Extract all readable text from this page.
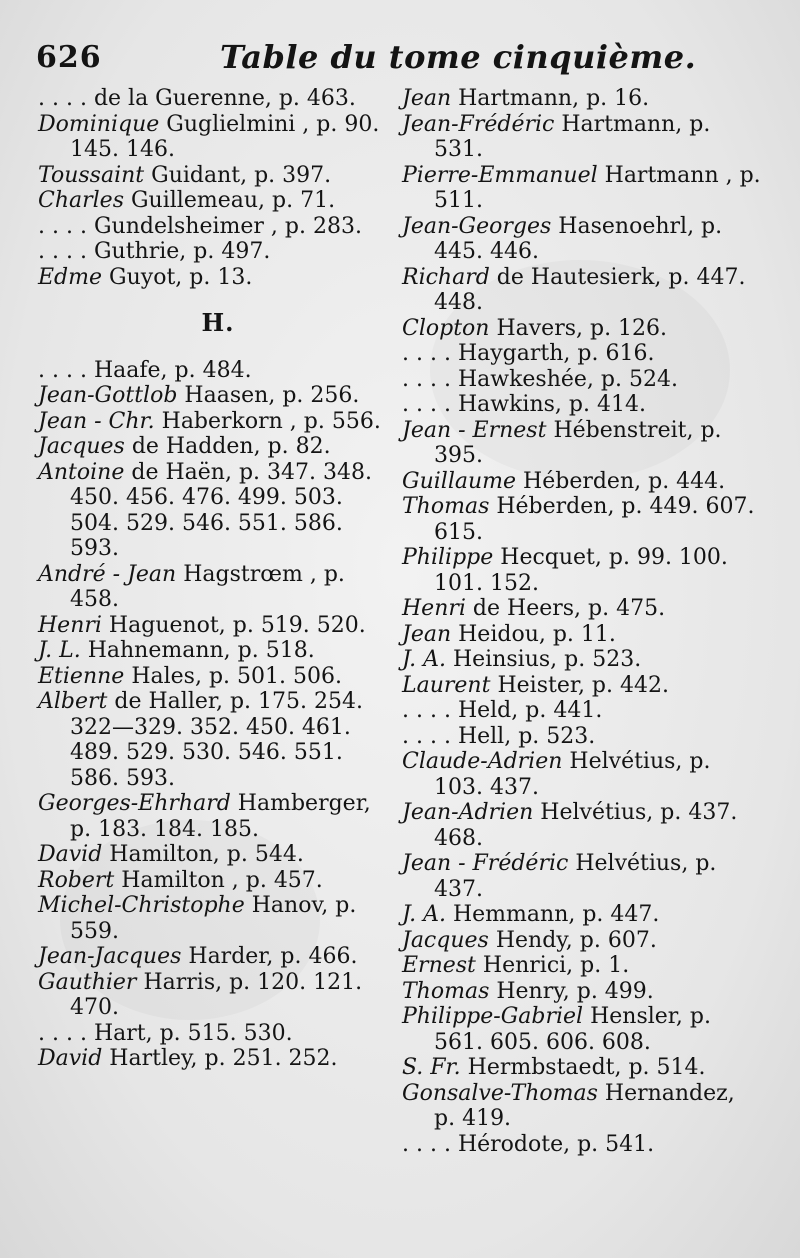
626	Table du tome cinquième.

. . . . de la Guerenne, p. 463.

Dominique Guglielmini , p. 90. 145. 146.

Toussaint Guidant, p. 397.

Charles Guillemeau, p. 71.

. . . . Gundelsheimer , p. 283.

. . . . Guthrie, p. 497.

Edme Guyot, p. 13.

H.

. . . . Haafe, p. 484.

Jean-Gottlob Haasen, p. 256.

Jean - Chr. Haberkorn , p. 556.

Jacques de Hadden, p. 82.

Antoine de Haën, p. 347. 348. 450. 456. 476. 499. 503. 504. 529. 546. 551. 586. 593.

André - Jean Hagstrœm , p. 458.

Henri Haguenot, p. 519. 520.

J. L. Hahnemann, p. 518.

Etienne Hales, p. 501. 506.

Albert de Haller, p. 175. 254. 322—329. 352. 450. 461. 489. 529. 530. 546. 551. 586. 593.

Georges-Ehrhard Hamberger, p. 183. 184. 185.

David Hamilton, p. 544.

Robert Hamilton , p. 457.

Michel-Christophe Hanov, p. 559.

Jean-Jacques Harder, p. 466.

Gauthier Harris, p. 120. 121. 470.

. . . . Hart, p. 515. 530.

David Hartley, p. 251. 252.

Jean Hartmann, p. 16.

Jean-Frédéric Hartmann, p. 531.

Pierre-Emmanuel Hartmann , p. 511.

Jean-Georges Hasenoehrl, p. 445. 446.

Richard de Hautesierk, p. 447. 448.

Clopton Havers, p. 126.

. . . . Haygarth, p. 616.

. . . . Hawkeshée, p. 524.

. . . . Hawkins, p. 414.

Jean - Ernest Hébenstreit, p. 395.

Guillaume Héberden, p. 444.

Thomas Héberden, p. 449. 607. 615.

Philippe Hecquet, p. 99. 100. 101. 152.

Henri de Heers, p. 475.

Jean Heidou, p. 11.

J. A. Heinsius, p. 523.

Laurent Heister, p. 442.

. . . . Held, p. 441.

. . . . Hell, p. 523.

Claude-Adrien Helvétius, p. 103. 437.

Jean-Adrien Helvétius, p. 437. 468.

Jean - Frédéric Helvétius, p. 437.

J. A. Hemmann, p. 447.

Jacques Hendy, p. 607.

Ernest Henrici, p. 1.

Thomas Henry, p. 499.

Philippe-Gabriel Hensler, p. 561. 605. 606. 608.

S. Fr. Hermbstaedt, p. 514.

Gonsalve-Thomas Hernandez, p. 419.

. . . . Hérodote, p. 541.
